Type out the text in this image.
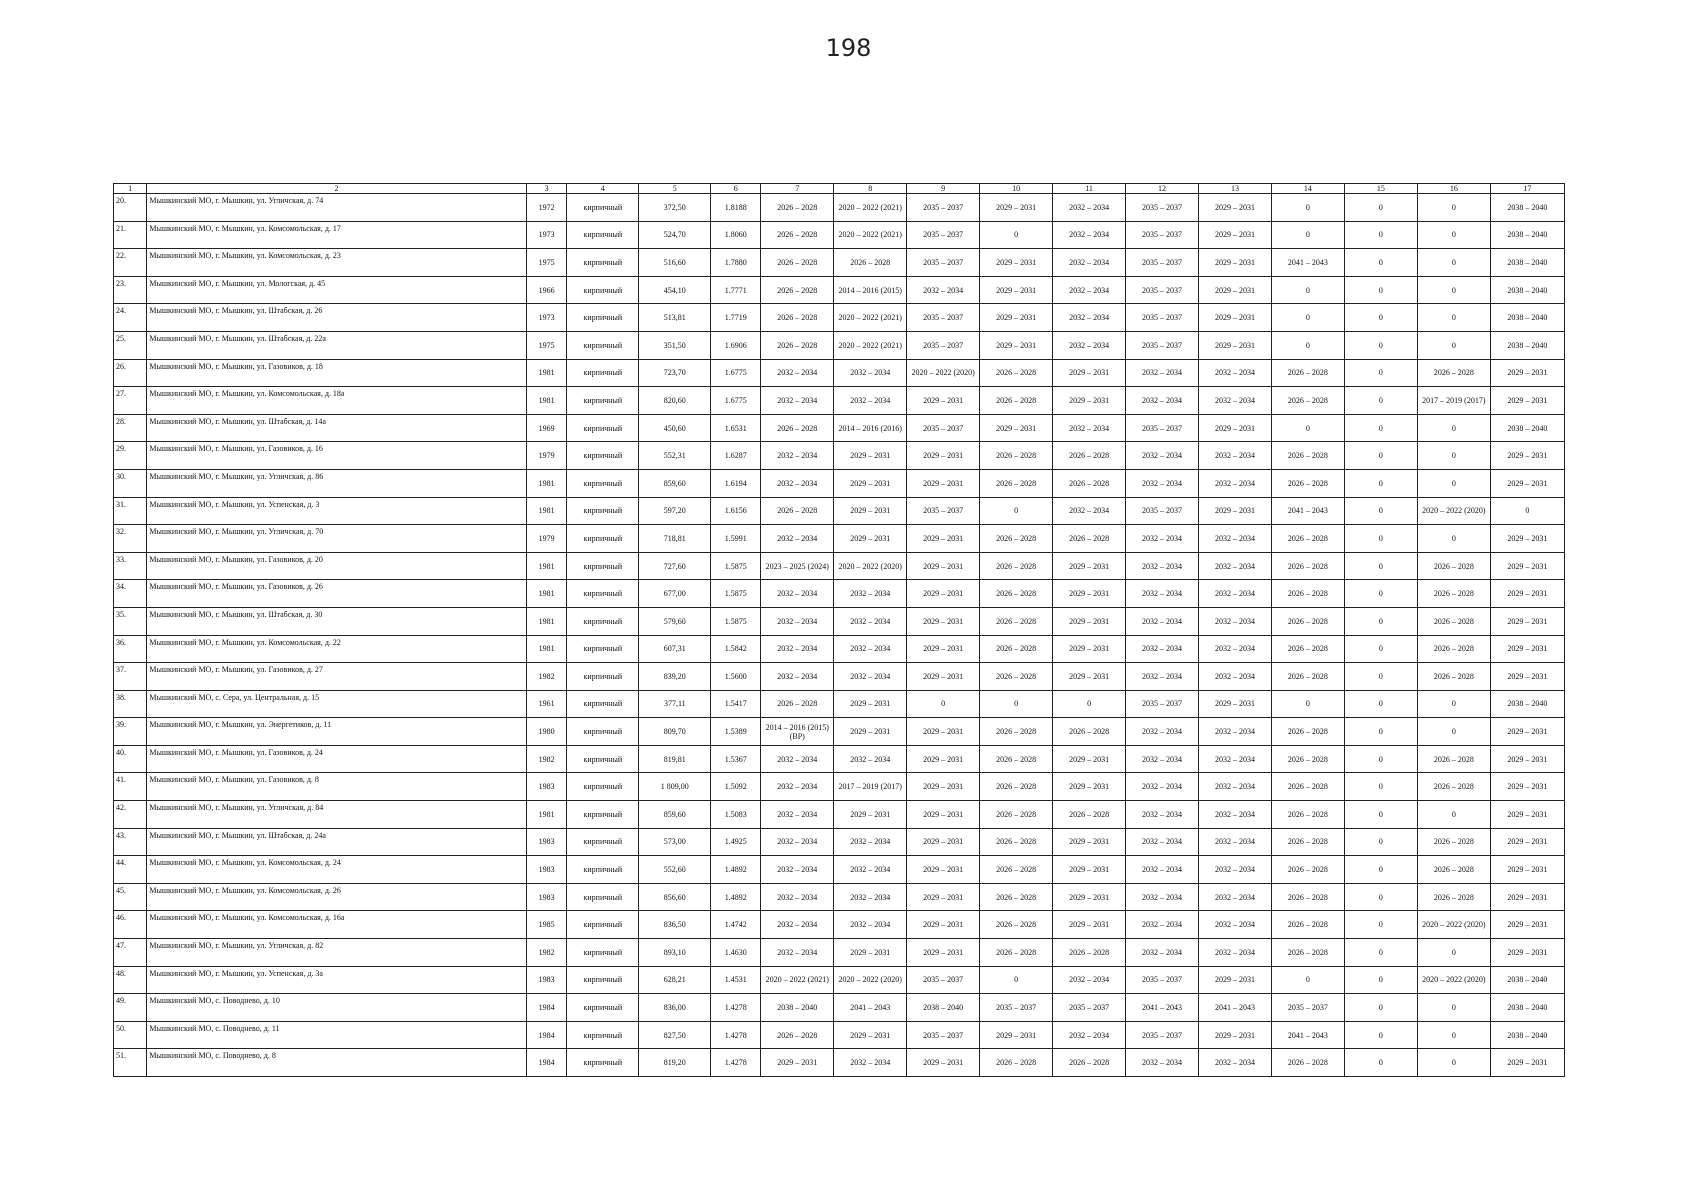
198
1	2	3	4	5	6	7	8	9	10	11	12	13	14	15	16	17
20.	Мышкинский МО, г. Мышкин, ул. Угличская, д. 74	1972	кирпичный	372,50	1.8188	2026 – 2028	2020 – 2022 (2021)	2035 – 2037	2029 – 2031	2032 – 2034	2035 – 2037	2029 – 2031	0	0	0	2038 – 2040
21.	Мышкинский МО, г. Мышкин, ул. Комсомольская, д. 17	1973	кирпичный	524,70	1.8060	2026 – 2028	2020 – 2022 (2021)	2035 – 2037	0	2032 – 2034	2035 – 2037	2029 – 2031	0	0	0	2038 – 2040
22.	Мышкинский МО, г. Мышкин, ул. Комсомольская, д. 23	1975	кирпичный	516,60	1.7880	2026 – 2028	2026 – 2028	2035 – 2037	2029 – 2031	2032 – 2034	2035 – 2037	2029 – 2031	2041 – 2043	0	0	2038 – 2040
23.	Мышкинский МО, г. Мышкин, ул. Мологская, д. 45	1966	кирпичный	454,10	1.7771	2026 – 2028	2014 – 2016 (2015)	2032 – 2034	2029 – 2031	2032 – 2034	2035 – 2037	2029 – 2031	0	0	0	2038 – 2040
24.	Мышкинский МО, г. Мышкин, ул. Штабская, д. 26	1973	кирпичный	513,81	1.7719	2026 – 2028	2020 – 2022 (2021)	2035 – 2037	2029 – 2031	2032 – 2034	2035 – 2037	2029 – 2031	0	0	0	2038 – 2040
25.	Мышкинский МО, г. Мышкин, ул. Штабская, д. 22а	1975	кирпичный	351,50	1.6906	2026 – 2028	2020 – 2022 (2021)	2035 – 2037	2029 – 2031	2032 – 2034	2035 – 2037	2029 – 2031	0	0	0	2038 – 2040
26.	Мышкинский МО, г. Мышкин, ул. Газовиков, д. 18	1981	кирпичный	723,70	1.6775	2032 – 2034	2032 – 2034	2020 – 2022 (2020)	2026 – 2028	2029 – 2031	2032 – 2034	2032 – 2034	2026 – 2028	0	2026 – 2028	2029 – 2031
27.	Мышкинский МО, г. Мышкин, ул. Комсомольская, д. 18а	1981	кирпичный	820,60	1.6775	2032 – 2034	2032 – 2034	2029 – 2031	2026 – 2028	2029 – 2031	2032 – 2034	2032 – 2034	2026 – 2028	0	2017 – 2019 (2017)	2029 – 2031
28.	Мышкинский МО, г. Мышкин, ул. Штабская, д. 14а	1969	кирпичный	450,60	1.6531	2026 – 2028	2014 – 2016 (2016)	2035 – 2037	2029 – 2031	2032 – 2034	2035 – 2037	2029 – 2031	0	0	0	2038 – 2040
29.	Мышкинский МО, г. Мышкин, ул. Газовиков, д. 16	1979	кирпичный	552,31	1.6287	2032 – 2034	2029 – 2031	2029 – 2031	2026 – 2028	2026 – 2028	2032 – 2034	2032 – 2034	2026 – 2028	0	0	2029 – 2031
30.	Мышкинский МО, г. Мышкин, ул. Угличская, д. 86	1981	кирпичный	859,60	1.6194	2032 – 2034	2029 – 2031	2029 – 2031	2026 – 2028	2026 – 2028	2032 – 2034	2032 – 2034	2026 – 2028	0	0	2029 – 2031
31.	Мышкинский МО, г. Мышкин, ул. Успенская, д. 3	1981	кирпичный	597,20	1.6156	2026 – 2028	2029 – 2031	2035 – 2037	0	2032 – 2034	2035 – 2037	2029 – 2031	2041 – 2043	0	2020 – 2022 (2020)	0
32.	Мышкинский МО, г. Мышкин, ул. Угличская, д. 70	1979	кирпичный	718,81	1.5991	2032 – 2034	2029 – 2031	2029 – 2031	2026 – 2028	2026 – 2028	2032 – 2034	2032 – 2034	2026 – 2028	0	0	2029 – 2031
33.	Мышкинский МО, г. Мышкин, ул. Газовиков, д. 20	1981	кирпичный	727,60	1.5875	2023 – 2025 (2024)	2020 – 2022 (2020)	2029 – 2031	2026 – 2028	2029 – 2031	2032 – 2034	2032 – 2034	2026 – 2028	0	2026 – 2028	2029 – 2031
34.	Мышкинский МО, г. Мышкин, ул. Газовиков, д. 26	1981	кирпичный	677,00	1.5875	2032 – 2034	2032 – 2034	2029 – 2031	2026 – 2028	2029 – 2031	2032 – 2034	2032 – 2034	2026 – 2028	0	2026 – 2028	2029 – 2031
35.	Мышкинский МО, г. Мышкин, ул. Штабская, д. 30	1981	кирпичный	579,60	1.5875	2032 – 2034	2032 – 2034	2029 – 2031	2026 – 2028	2029 – 2031	2032 – 2034	2032 – 2034	2026 – 2028	0	2026 – 2028	2029 – 2031
36.	Мышкинский МО, г. Мышкин, ул. Комсомольская, д. 22	1981	кирпичный	607,31	1.5842	2032 – 2034	2032 – 2034	2029 – 2031	2026 – 2028	2029 – 2031	2032 – 2034	2032 – 2034	2026 – 2028	0	2026 – 2028	2029 – 2031
37.	Мышкинский МО, г. Мышкин, ул. Газовиков, д. 27	1982	кирпичный	839,20	1.5600	2032 – 2034	2032 – 2034	2029 – 2031	2026 – 2028	2029 – 2031	2032 – 2034	2032 – 2034	2026 – 2028	0	2026 – 2028	2029 – 2031
38.	Мышкинский МО, с. Сера, ул. Центральная, д. 15	1961	кирпичный	377,11	1.5417	2026 – 2028	2029 – 2031	0	0	0	2035 – 2037	2029 – 2031	0	0	0	2038 – 2040
39.	Мышкинский МО, г. Мышкин, ул. Энергетиков, д. 11	1980	кирпичный	809,70	1.5389	2014 – 2016 (2015) (ВР)	2029 – 2031	2029 – 2031	2026 – 2028	2026 – 2028	2032 – 2034	2032 – 2034	2026 – 2028	0	0	2029 – 2031
40.	Мышкинский МО, г. Мышкин, ул. Газовиков, д. 24	1982	кирпичный	819,81	1.5367	2032 – 2034	2032 – 2034	2029 – 2031	2026 – 2028	2029 – 2031	2032 – 2034	2032 – 2034	2026 – 2028	0	2026 – 2028	2029 – 2031
41.	Мышкинский МО, г. Мышкин, ул. Газовиков, д. 8	1983	кирпичный	1 809,00	1.5092	2032 – 2034	2017 – 2019 (2017)	2029 – 2031	2026 – 2028	2029 – 2031	2032 – 2034	2032 – 2034	2026 – 2028	0	2026 – 2028	2029 – 2031
42.	Мышкинский МО, г. Мышкин, ул. Угличская, д. 84	1981	кирпичный	859,60	1.5083	2032 – 2034	2029 – 2031	2029 – 2031	2026 – 2028	2026 – 2028	2032 – 2034	2032 – 2034	2026 – 2028	0	0	2029 – 2031
43.	Мышкинский МО, г. Мышкин, ул. Штабская, д. 24а	1983	кирпичный	573,00	1.4925	2032 – 2034	2032 – 2034	2029 – 2031	2026 – 2028	2029 – 2031	2032 – 2034	2032 – 2034	2026 – 2028	0	2026 – 2028	2029 – 2031
44.	Мышкинский МО, г. Мышкин, ул. Комсомольская, д. 24	1983	кирпичный	552,60	1.4892	2032 – 2034	2032 – 2034	2029 – 2031	2026 – 2028	2029 – 2031	2032 – 2034	2032 – 2034	2026 – 2028	0	2026 – 2028	2029 – 2031
45.	Мышкинский МО, г. Мышкин, ул. Комсомольская, д. 26	1983	кирпичный	856,60	1.4892	2032 – 2034	2032 – 2034	2029 – 2031	2026 – 2028	2029 – 2031	2032 – 2034	2032 – 2034	2026 – 2028	0	2026 – 2028	2029 – 2031
46.	Мышкинский МО, г. Мышкин, ул. Комсомольская, д. 16а	1985	кирпичный	836,50	1.4742	2032 – 2034	2032 – 2034	2029 – 2031	2026 – 2028	2029 – 2031	2032 – 2034	2032 – 2034	2026 – 2028	0	2020 – 2022 (2020)	2029 – 2031
47.	Мышкинский МО, г. Мышкин, ул. Угличская, д. 82	1982	кирпичный	893,10	1.4630	2032 – 2034	2029 – 2031	2029 – 2031	2026 – 2028	2026 – 2028	2032 – 2034	2032 – 2034	2026 – 2028	0	0	2029 – 2031
48.	Мышкинский МО, г. Мышкин, ул. Успенская, д. 3а	1983	кирпичный	628,21	1.4531	2020 – 2022 (2021)	2020 – 2022 (2020)	2035 – 2037	0	2032 – 2034	2035 – 2037	2029 – 2031	0	0	2020 – 2022 (2020)	2038 – 2040
49.	Мышкинский МО, с. Поводнево, д. 10	1984	кирпичный	836,00	1.4278	2038 – 2040	2041 – 2043	2038 – 2040	2035 – 2037	2035 – 2037	2041 – 2043	2041 – 2043	2035 – 2037	0	0	2038 – 2040
50.	Мышкинский МО, с. Поводнево, д. 11	1984	кирпичный	827,50	1.4278	2026 – 2028	2029 – 2031	2035 – 2037	2029 – 2031	2032 – 2034	2035 – 2037	2029 – 2031	2041 – 2043	0	0	2038 – 2040
51.	Мышкинский МО, с. Поводнево, д. 8	1984	кирпичный	819,20	1.4278	2029 – 2031	2032 – 2034	2029 – 2031	2026 – 2028	2026 – 2028	2032 – 2034	2032 – 2034	2026 – 2028	0	0	2029 – 2031
